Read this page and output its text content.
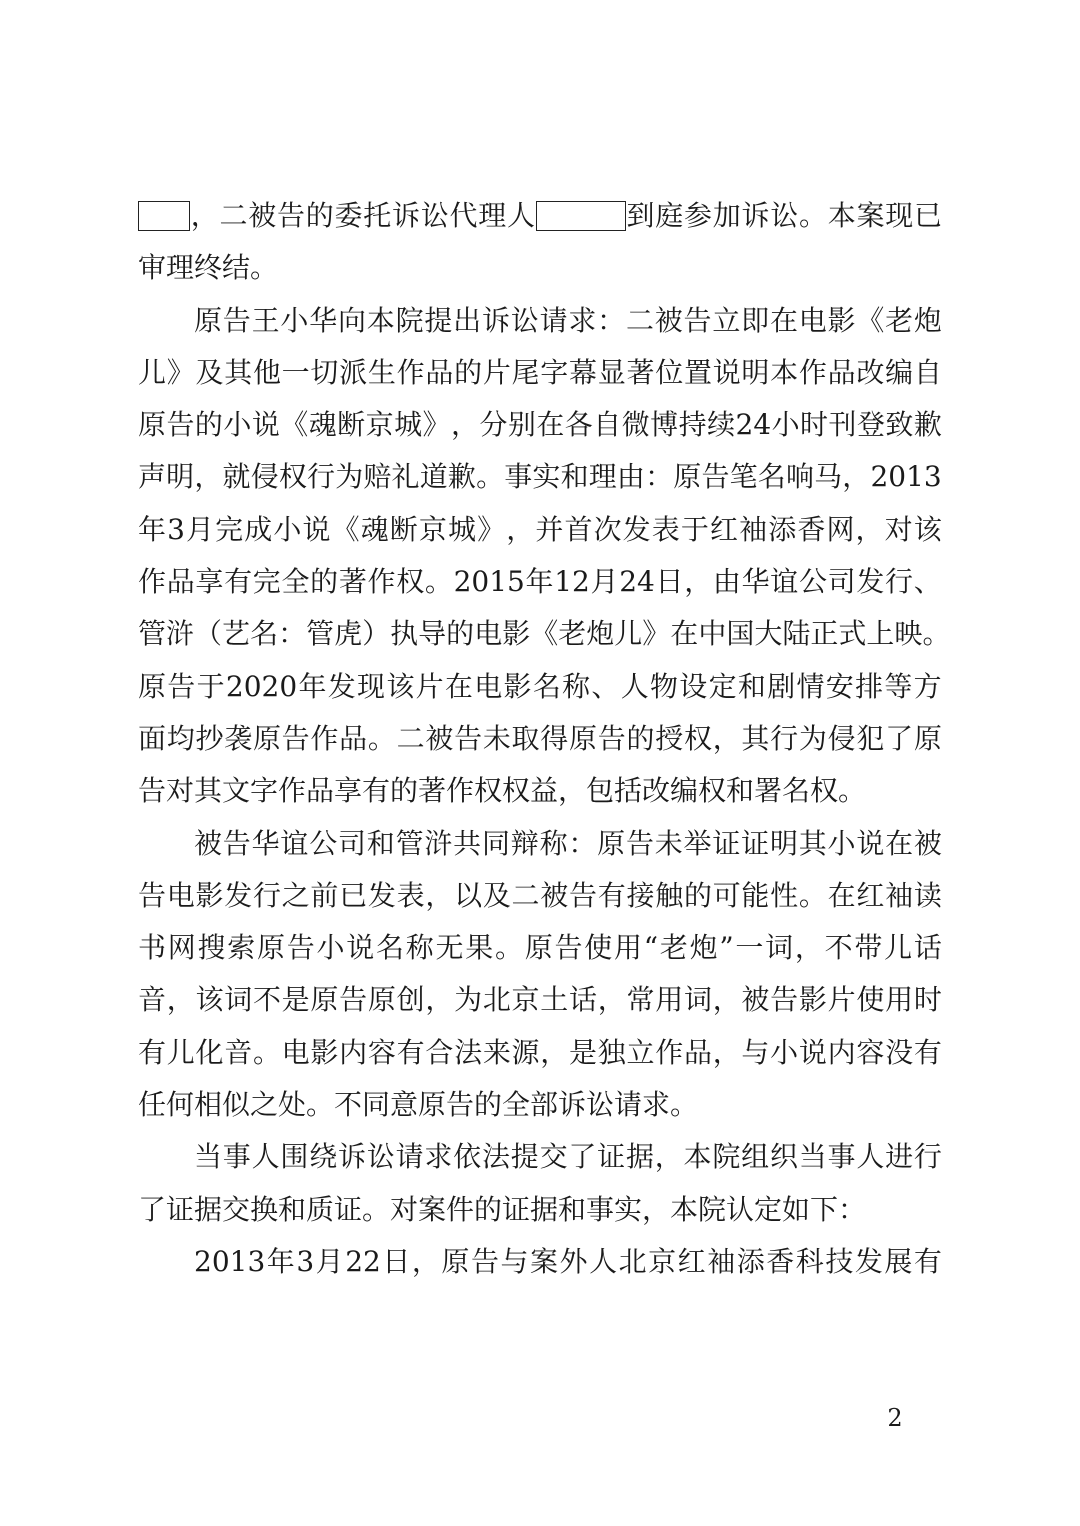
， 二 被 告 的 委 托 诉 讼 代 理 人	到 庭 参 加 诉 讼 。 本 案 现 已
审理终结。
原 告 王 小 华 向 本 院 提 出 诉 讼 请 求 ： 二 被 告 立 即 在 电 影 《 老 炮
儿 》 及 其 他 一 切 派 生 作 品 的 片 尾 字 幕 显 著 位 置 说 明 本 作 品 改 编 自
原 告 的 小 说 《 魂 断 京 城 》 ， 分 别 在 各 自 微 博 持 续 24 小 时 刊 登 致 歉
声 明 ， 就 侵 权 行 为 赔 礼 道 歉 。 事 实 和 理 由 ： 原 告 笔 名 响 马 ， 2013
年 3 月 完 成 小 说 《 魂 断 京 城 》 ， 并 首 次 发 表 于 红 袖 添 香 网 ， 对 该
作 品 享 有 完 全 的 著 作 权 。 2015 年 12 月 24 日 ， 由 华 谊 公 司 发 行 、
管 浒 （ 艺 名 ： 管 虎 ） 执 导 的 电 影 《 老 炮 儿 》 在 中 国 大 陆 正 式 上 映 。
原 告 于 2020 年 发 现 该 片 在 电 影 名 称 、 人 物 设 定 和 剧 情 安 排 等 方
面 均 抄 袭 原 告 作 品 。 二 被 告 未 取 得 原 告 的 授 权 ， 其 行 为 侵 犯 了 原
告对其文字作品享有的著作权权益，包括改编权和署名权。
被 告 华 谊 公 司 和 管 浒 共 同 辩 称 ： 原 告 未 举 证 证 明 其 小 说 在 被
告 电 影 发 行 之 前 已 发 表 ， 以 及 二 被 告 有 接 触 的 可 能 性 。 在 红 袖 读
书 网 搜 索 原 告 小 说 名 称 无 果 。 原 告 使 用 “ 老 炮 ” 一 词 ， 不 带 儿 话
音 ， 该 词 不 是 原 告 原 创 ， 为 北 京 土 话 ， 常 用 词 ， 被 告 影 片 使 用 时
有 儿 化 音 。 电 影 内 容 有 合 法 来 源 ， 是 独 立 作 品 ， 与 小 说 内 容 没 有
任何相似之处。不同意原告的全部诉讼请求。
当 事 人 围 绕 诉 讼 请 求 依 法 提 交 了 证 据 ， 本 院 组 织 当 事 人 进 行
了证据交换和质证。对案件的证据和事实，本院认定如下：
2013 年 3 月 22 日 ， 原 告 与 案 外 人 北 京 红 袖 添 香 科 技 发 展 有
2
